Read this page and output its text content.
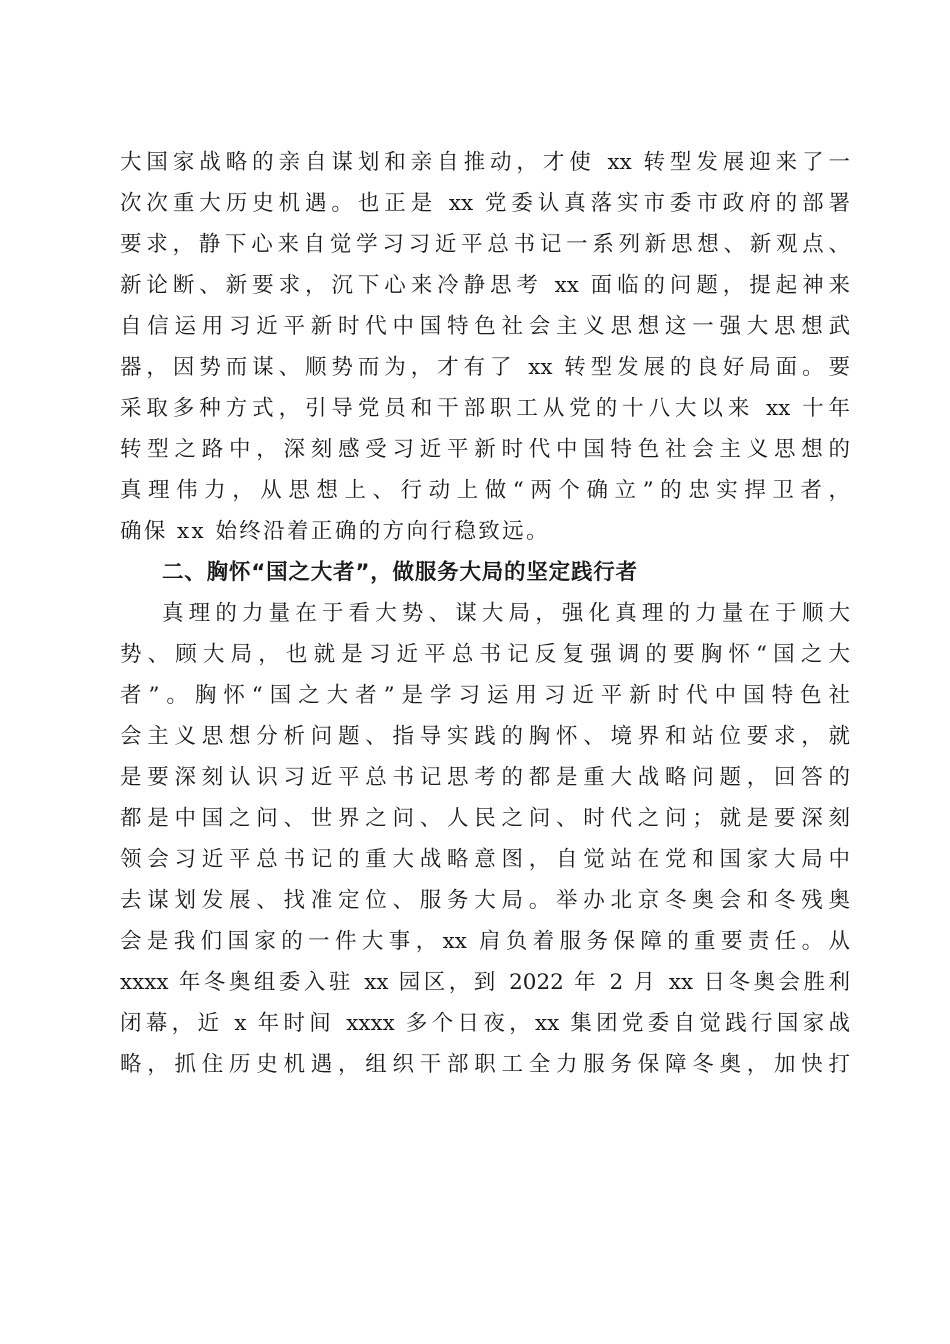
大国家战略的亲自谋划和亲自推动，才使 xx 转型发展迎来了一
次次重大历史机遇。也正是 xx 党委认真落实市委市政府的部署
要求，静下心来自觉学习习近平总书记一系列新思想、新观点、
新论断、新要求，沉下心来冷静思考 xx 面临的问题，提起神来
自信运用习近平新时代中国特色社会主义思想这一强大思想武
器，因势而谋、顺势而为，才有了 xx 转型发展的良好局面。要
采取多种方式，引导党员和干部职工从党的十八大以来 xx 十年
转型之路中，深刻感受习近平新时代中国特色社会主义思想的
真理伟力，从思想上、行动上做“两个确立”的忠实捍卫者，
确保 xx 始终沿着正确的方向行稳致远。
二、胸怀“国之大者”，做服务大局的坚定践行者
真理的力量在于看大势、谋大局，强化真理的力量在于顺大
势、顾大局，也就是习近平总书记反复强调的要胸怀“国之大
者”。胸怀“国之大者”是学习运用习近平新时代中国特色社
会主义思想分析问题、指导实践的胸怀、境界和站位要求，就
是要深刻认识习近平总书记思考的都是重大战略问题，回答的
都是中国之问、世界之问、人民之问、时代之问；就是要深刻
领会习近平总书记的重大战略意图，自觉站在党和国家大局中
去谋划发展、找准定位、服务大局。举办北京冬奥会和冬残奥
会是我们国家的一件大事，xx 肩负着服务保障的重要责任。从
xxxx 年冬奥组委入驻 xx 园区，到 2022 年 2 月 xx 日冬奥会胜利
闭幕，近 x 年时间 xxxx 多个日夜，xx 集团党委自觉践行国家战
略，抓住历史机遇，组织干部职工全力服务保障冬奥，加快打
